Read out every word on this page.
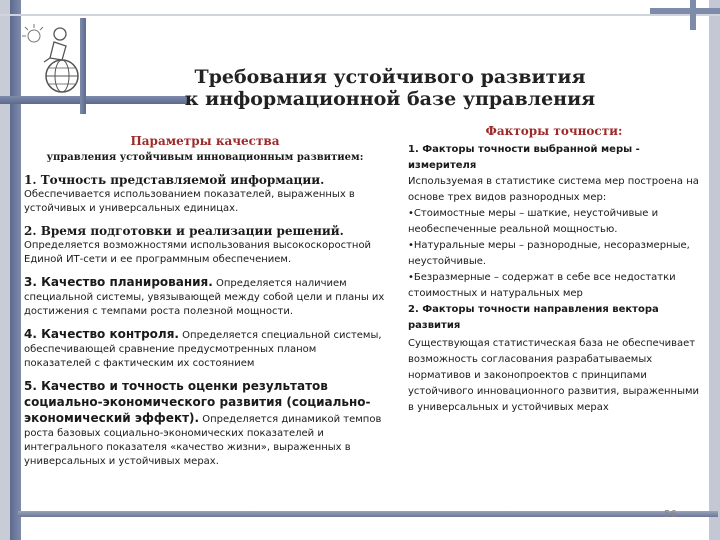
Требования устойчивого развития
к информационной базе управления
Параметры качества
управления устойчивым инновационным развитием:
1. Точность представляемой информации.
Обеспечивается использованием показателей, выраженных в устойчивых и универсальных единицах.
2. Время подготовки и реализации решений.
Определяется возможностями использования высокоскоростной Единой ИТ-сети и ее программным обеспечением.
3. Качество планирования. Определяется наличием специальной системы, увязывающей между собой цели и планы их достижения с темпами роста полезной мощности.
4. Качество контроля. Определяется специальной системы, обеспечивающей сравнение предусмотренных планом показателей с фактическим их состоянием
5. Качество и точность оценки результатов социально-экономического развития (социально-экономический эффект). Определяется динамикой темпов роста базовых социально-экономических показателей и интегрального показателя «качество жизни», выраженных в универсальных и устойчивых мерах.
Факторы точности:
1. Факторы точности выбранной меры - измерителя
Используемая в статистике система мер построена на основе трех видов разнородных мер:
• Стоимостные меры – шаткие, неустойчивые и необеспеченные реальной мощностью.
• Натуральные меры – разнородные, несоразмерные, неустойчивые.
• Безразмерные – содержат в себе все недостатки стоимостных и натуральных мер
2. Факторы точности направления вектора развития
Существующая статистическая база не обеспечивает возможность согласования разрабатываемых нормативов и законопроектов с принципами устойчивого инновационного развития, выраженными в универсальных и устойчивых мерах
56
